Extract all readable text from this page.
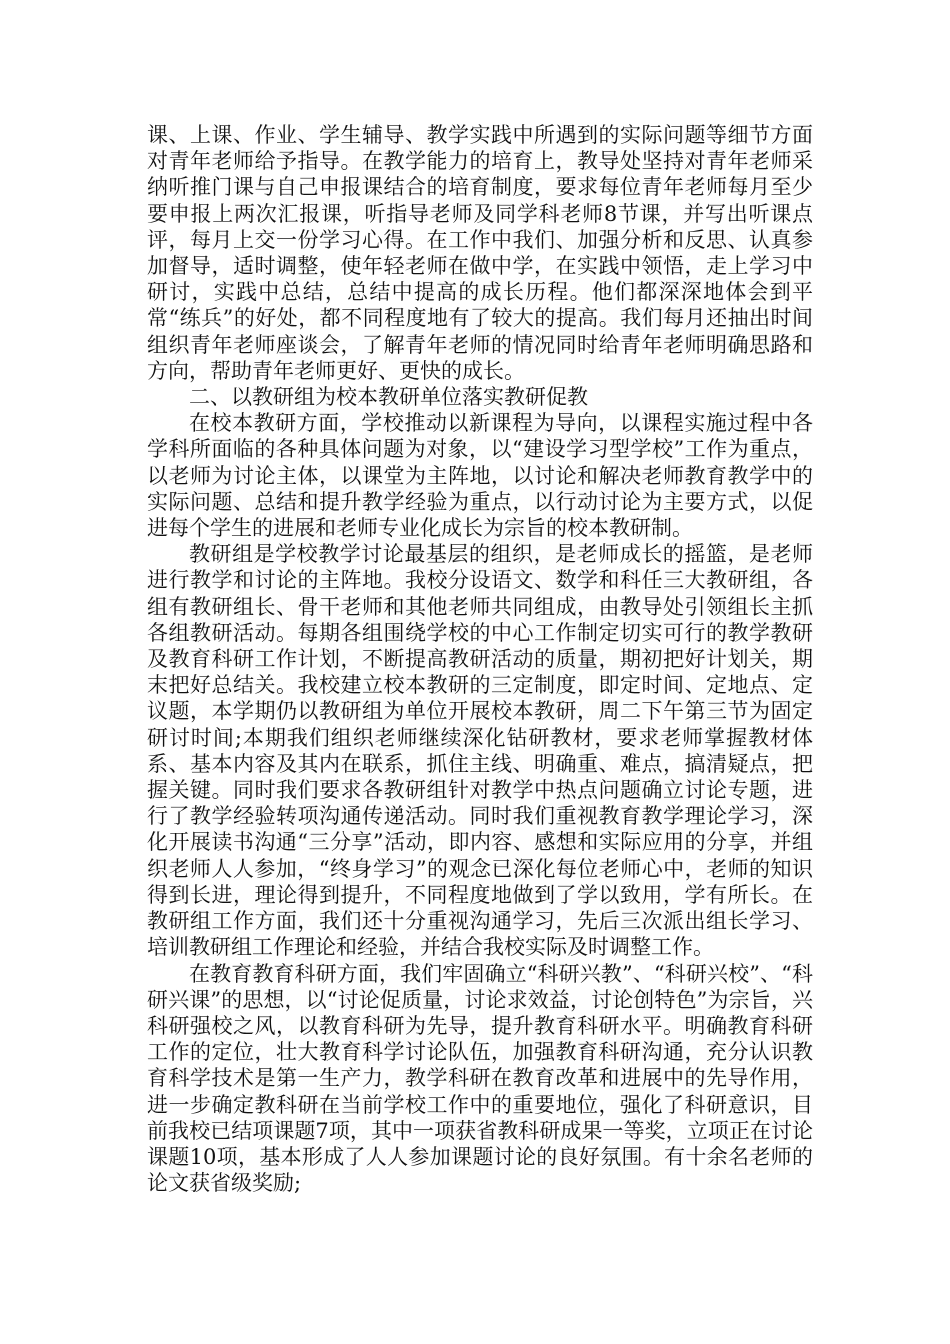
课、上课、作业、学生辅导、教学实践中所遇到的实际问题等细节方面对青年老师给予指导。在教学能力的培育上，教导处坚持对青年老师采纳听推门课与自己申报课结合的培育制度，要求每位青年老师每月至少要申报上两次汇报课，听指导老师及同学科老师8节课，并写出听课点评，每月上交一份学习心得。在工作中我们、加强分析和反思、认真参加督导，适时调整，使年轻老师在做中学，在实践中领悟，走上学习中研讨，实践中总结，总结中提高的成长历程。他们都深深地体会到平常“练兵”的好处，都不同程度地有了较大的提高。我们每月还抽出时间组织青年老师座谈会，了解青年老师的情况同时给青年老师明确思路和方向，帮助青年老师更好、更快的成长。

二、以教研组为校本教研单位落实教研促教

在校本教研方面，学校推动以新课程为导向，以课程实施过程中各学科所面临的各种具体问题为对象，以“建设学习型学校”工作为重点，以老师为讨论主体，以课堂为主阵地，以讨论和解决老师教育教学中的实际问题、总结和提升教学经验为重点，以行动讨论为主要方式，以促进每个学生的进展和老师专业化成长为宗旨的校本教研制。

教研组是学校教学讨论最基层的组织，是老师成长的摇篮，是老师进行教学和讨论的主阵地。我校分设语文、数学和科任三大教研组，各组有教研组长、骨干老师和其他老师共同组成，由教导处引领组长主抓各组教研活动。每期各组围绕学校的中心工作制定切实可行的教学教研及教育科研工作计划，不断提高教研活动的质量，期初把好计划关，期末把好总结关。我校建立校本教研的三定制度，即定时间、定地点、定议题，本学期仍以教研组为单位开展校本教研，周二下午第三节为固定研讨时间;本期我们组织老师继续深化钻研教材，要求老师掌握教材体系、基本内容及其内在联系，抓住主线、明确重、难点，搞清疑点，把握关键。同时我们要求各教研组针对教学中热点问题确立讨论专题，进行了教学经验转项沟通传递活动。同时我们重视教育教学理论学习，深化开展读书沟通“三分享”活动，即内容、感想和实际应用的分享，并组织老师人人参加，“终身学习”的观念已深化每位老师心中，老师的知识得到长进，理论得到提升，不同程度地做到了学以致用，学有所长。在教研组工作方面，我们还十分重视沟通学习，先后三次派出组长学习、培训教研组工作理论和经验，并结合我校实际及时调整工作。

在教育教育科研方面，我们牢固确立“科研兴教”、“科研兴校”、“科研兴课”的思想，以“讨论促质量，讨论求效益，讨论创特色”为宗旨，兴科研强校之风，以教育科研为先导，提升教育科研水平。明确教育科研工作的定位，壮大教育科学讨论队伍，加强教育科研沟通，充分认识教育科学技术是第一生产力，教学科研在教育改革和进展中的先导作用，进一步确定教科研在当前学校工作中的重要地位，强化了科研意识，目前我校已结项课题7项，其中一项获省教科研成果一等奖，立项正在讨论课题10项，基本形成了人人参加课题讨论的良好氛围。有十余名老师的论文获省级奖励;
